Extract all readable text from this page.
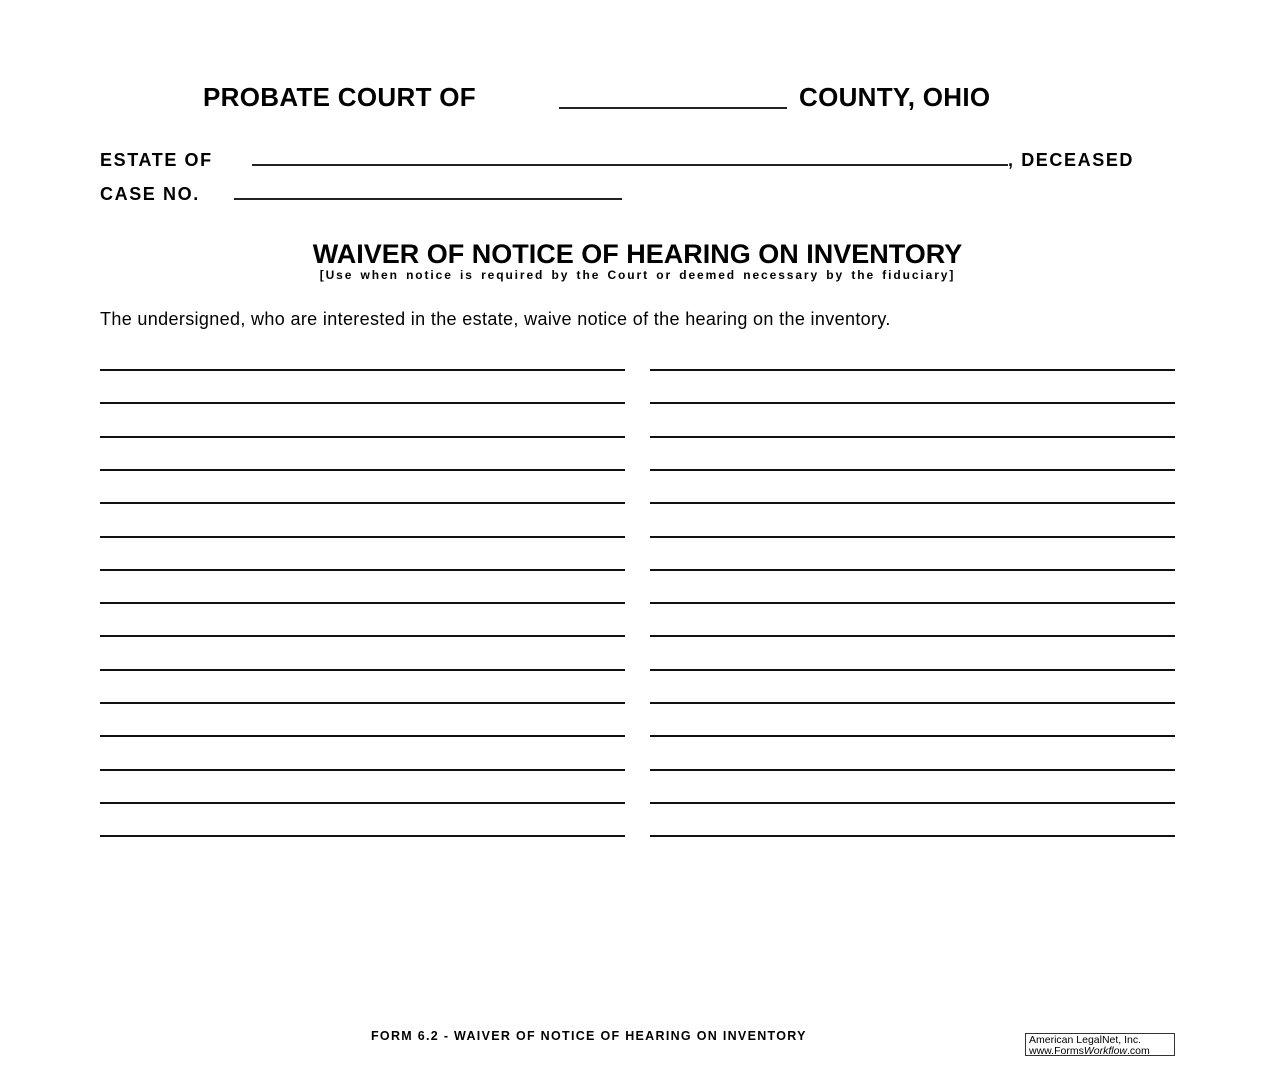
PROBATE COURT OF	COUNTY, OHIO
ESTATE OF	, DECEASED
CASE NO.
WAIVER OF NOTICE OF HEARING ON INVENTORY
[Use when notice is required by the Court or deemed necessary by the fiduciary]
The undersigned, who are interested in the estate, waive notice of the hearing on the inventory.
FORM 6.2 - WAIVER OF NOTICE OF HEARING ON INVENTORY	American LegalNet, Inc.
www.FormsWorkflow.com
